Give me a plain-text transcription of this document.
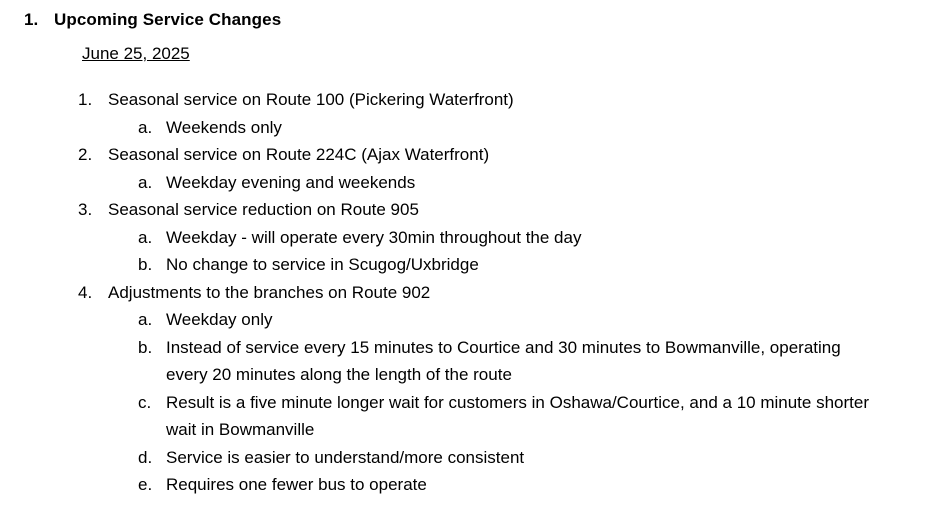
1. Upcoming Service Changes
June 25, 2025
1. Seasonal service on Route 100 (Pickering Waterfront)
a. Weekends only
2. Seasonal service on Route 224C (Ajax Waterfront)
a. Weekday evening and weekends
3. Seasonal service reduction on Route 905
a. Weekday - will operate every 30min throughout the day
b. No change to service in Scugog/Uxbridge
4. Adjustments to the branches on Route 902
a. Weekday only
b. Instead of service every 15 minutes to Courtice and 30 minutes to Bowmanville, operating every 20 minutes along the length of the route
c. Result is a five minute longer wait for customers in Oshawa/Courtice, and a 10 minute shorter wait in Bowmanville
d. Service is easier to understand/more consistent
e. Requires one fewer bus to operate
